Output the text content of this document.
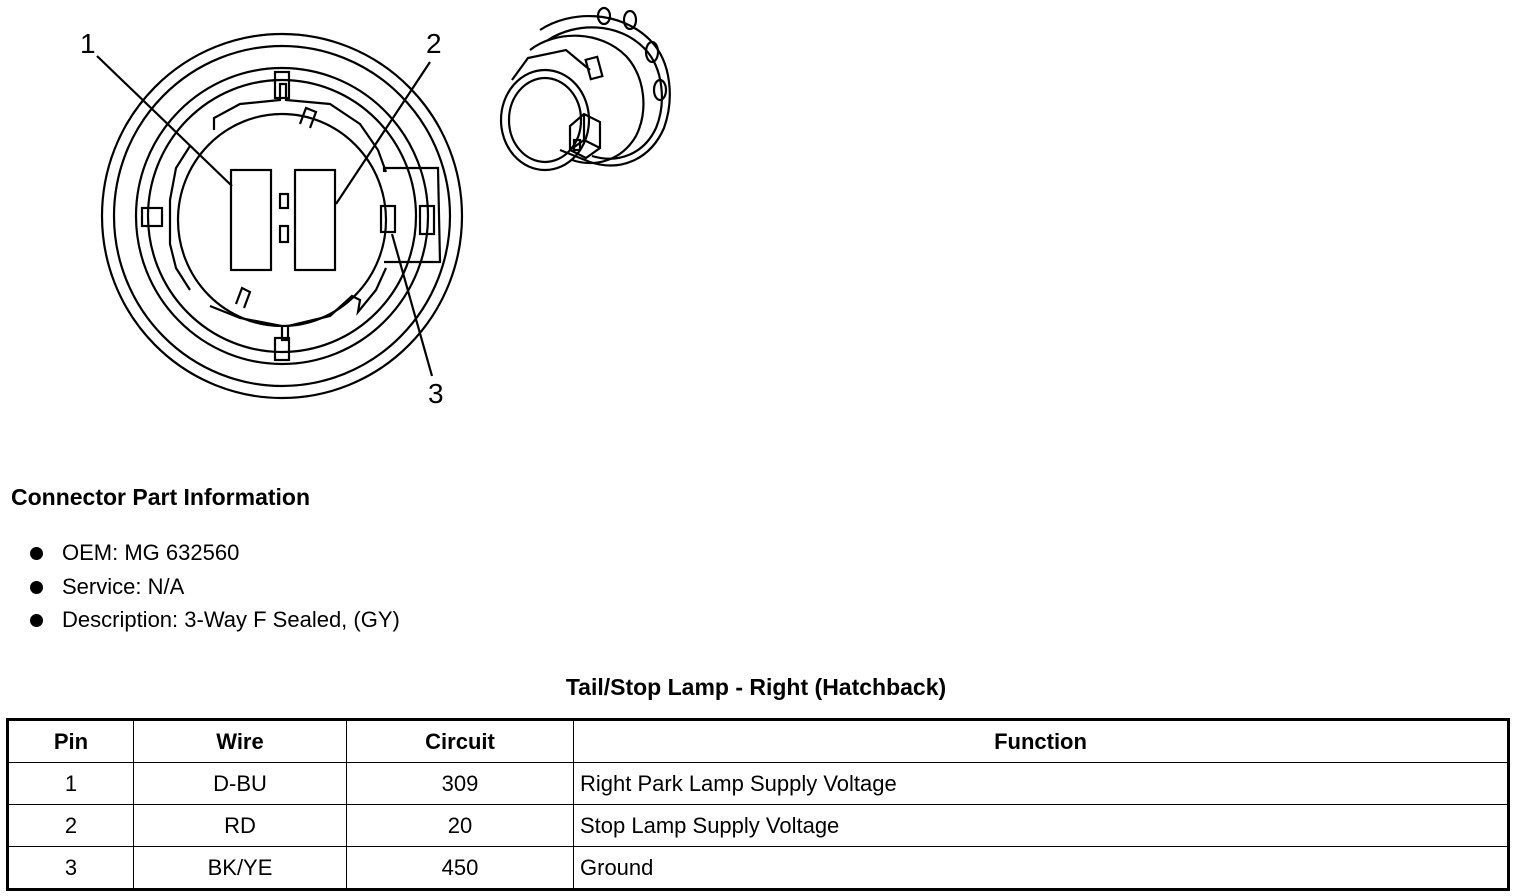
1	2
3
Connector Part Information
OEM: MG 632560
Service: N/A
Description: 3-Way F Sealed, (GY)
Tail/Stop Lamp - Right (Hatchback)
Pin	Wire	Circuit	Function
1	D-BU	309	Right Park Lamp Supply Voltage
2	RD	20	Stop Lamp Supply Voltage
3	BK/YE	450	Ground
